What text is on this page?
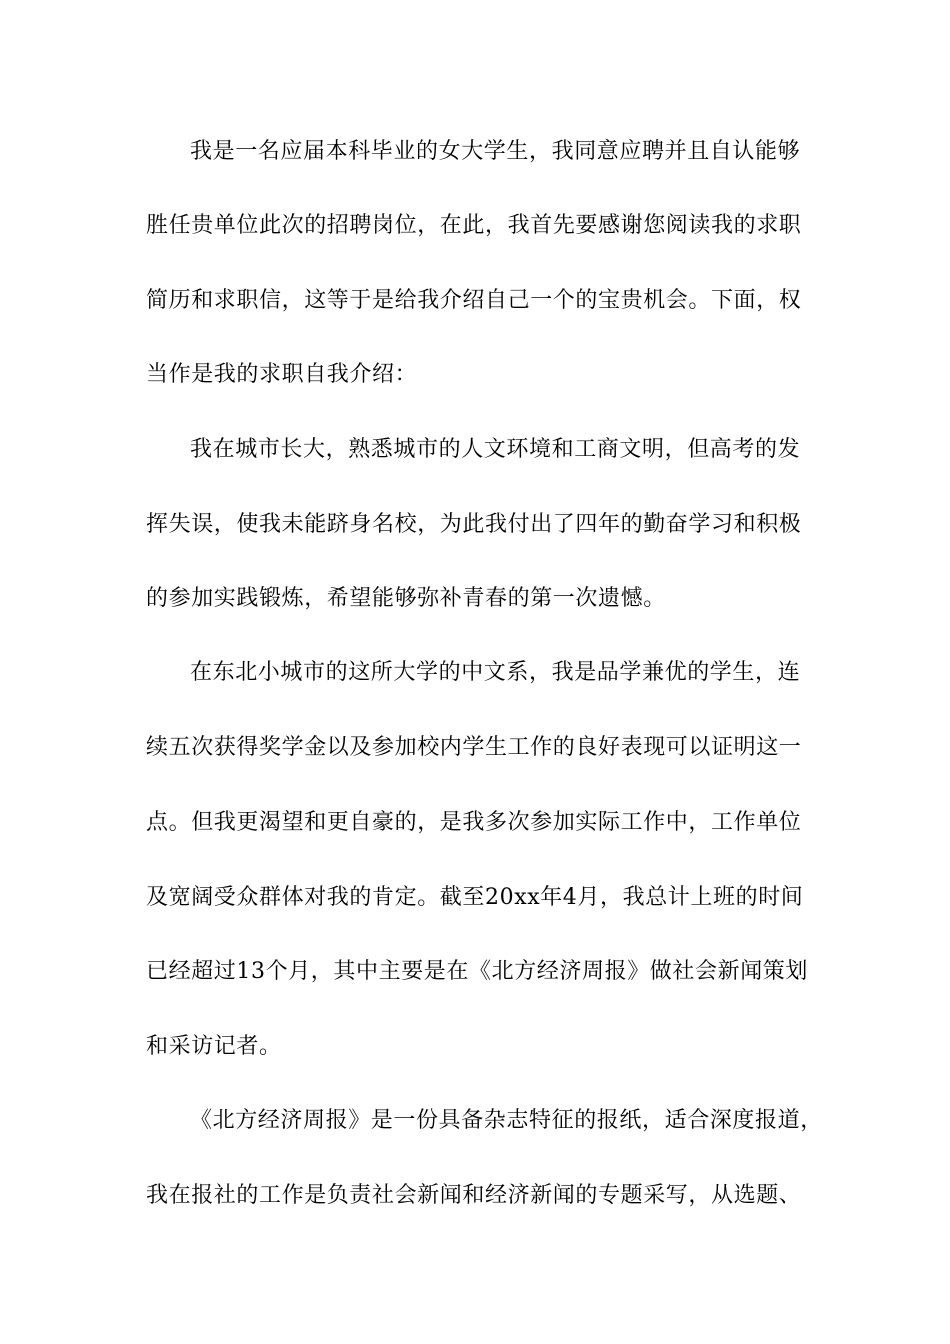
我是一名应届本科毕业的女大学生，我同意应聘并且自认能够
胜任贵单位此次的招聘岗位，在此，我首先要感谢您阅读我的求职
简历和求职信，这等于是给我介绍自己一个的宝贵机会。下面，权
当作是我的求职自我介绍：
我在城市长大，熟悉城市的人文环境和工商文明，但高考的发
挥失误，使我未能跻身名校，为此我付出了四年的勤奋学习和积极
的参加实践锻炼，希望能够弥补青春的第一次遗憾。
在东北小城市的这所大学的中文系，我是品学兼优的学生，连
续五次获得奖学金以及参加校内学生工作的良好表现可以证明这一
点。但我更渴望和更自豪的，是我多次参加实际工作中，工作单位
及宽阔受众群体对我的肯定。截至20xx年4月，我总计上班的时间
已经超过13个月，其中主要是在《北方经济周报》做社会新闻策划
和采访记者。
《北方经济周报》是一份具备杂志特征的报纸，适合深度报道，
我在报社的工作是负责社会新闻和经济新闻的专题采写，从选题、
